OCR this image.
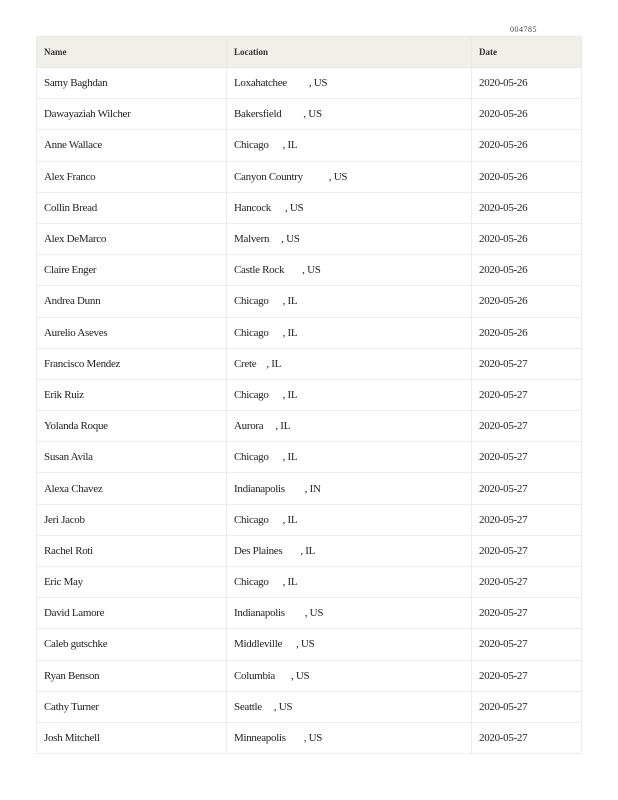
004785
Name	Location	Date
Samy Baghdan	Loxahatchee , US	2020-05-26
Dawayaziah Wilcher	Bakersfield , US	2020-05-26
Anne Wallace	Chicago , IL	2020-05-26
Alex Franco	Canyon Country , US	2020-05-26
Collin Bread	Hancock , US	2020-05-26
Alex DeMarco	Malvern , US	2020-05-26
Claire Enger	Castle Rock , US	2020-05-26
Andrea Dunn	Chicago , IL	2020-05-26
Aurelio Aseves	Chicago , IL	2020-05-26
Francisco Mendez	Crete , IL	2020-05-27
Erik Ruiz	Chicago , IL	2020-05-27
Yolanda Roque	Aurora , IL	2020-05-27
Susan Avila	Chicago , IL	2020-05-27
Alexa Chavez	Indianapolis , IN	2020-05-27
Jeri Jacob	Chicago , IL	2020-05-27
Rachel Roti	Des Plaines , IL	2020-05-27
Eric May	Chicago , IL	2020-05-27
David Lamore	Indianapolis , US	2020-05-27
Caleb gutschke	Middleville , US	2020-05-27
Ryan Benson	Columbia , US	2020-05-27
Cathy Turner	Seattle , US	2020-05-27
Josh Mitchell	Minneapolis , US	2020-05-27
